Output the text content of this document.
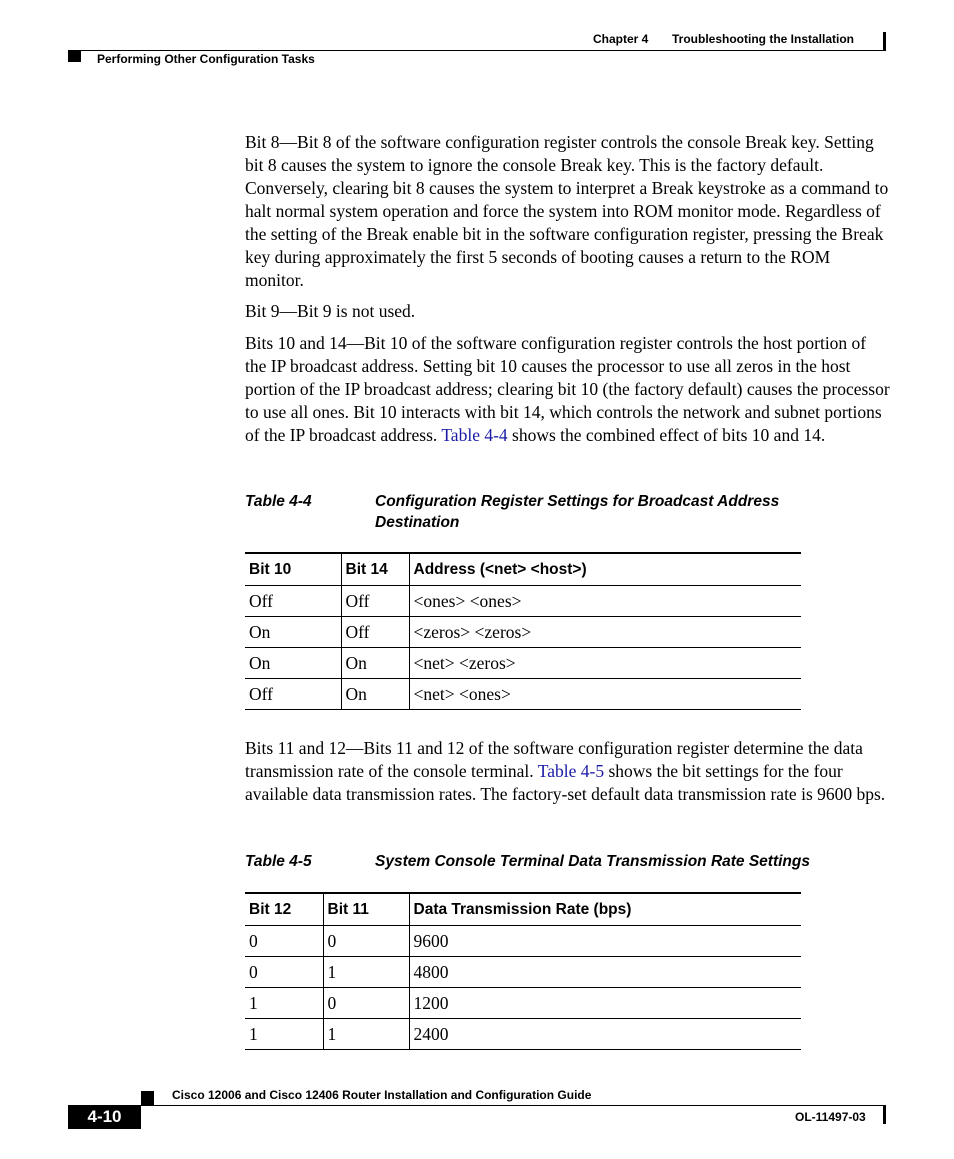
Chapter 4 Troubleshooting the Installation
Performing Other Configuration Tasks

Bit 8—Bit 8 of the software configuration register controls the console Break key. Setting bit 8 causes the system to ignore the console Break key. This is the factory default. Conversely, clearing bit 8 causes the system to interpret a Break keystroke as a command to halt normal system operation and force the system into ROM monitor mode. Regardless of the setting of the Break enable bit in the software configuration register, pressing the Break key during approximately the first 5 seconds of booting causes a return to the ROM monitor.

Bit 9—Bit 9 is not used.

Bits 10 and 14—Bit 10 of the software configuration register controls the host portion of the IP broadcast address. Setting bit 10 causes the processor to use all zeros in the host portion of the IP broadcast address; clearing bit 10 (the factory default) causes the processor to use all ones. Bit 10 interacts with bit 14, which controls the network and subnet portions of the IP broadcast address. Table 4-4 shows the combined effect of bits 10 and 14.

Table 4-4	Configuration Register Settings for Broadcast Address Destination
Bit 10	Bit 14	Address (<net> <host>)
Off	Off	<ones> <ones>
On	Off	<zeros> <zeros>
On	On	<net> <zeros>
Off	On	<net> <ones>

Bits 11 and 12—Bits 11 and 12 of the software configuration register determine the data transmission rate of the console terminal. Table 4-5 shows the bit settings for the four available data transmission rates. The factory-set default data transmission rate is 9600 bps.

Table 4-5	System Console Terminal Data Transmission Rate Settings
Bit 12	Bit 11	Data Transmission Rate (bps)
0	0	9600
0	1	4800
1	0	1200
1	1	2400
Cisco 12006 and Cisco 12406 Router Installation and Configuration Guide
4-10	OL-11497-03
